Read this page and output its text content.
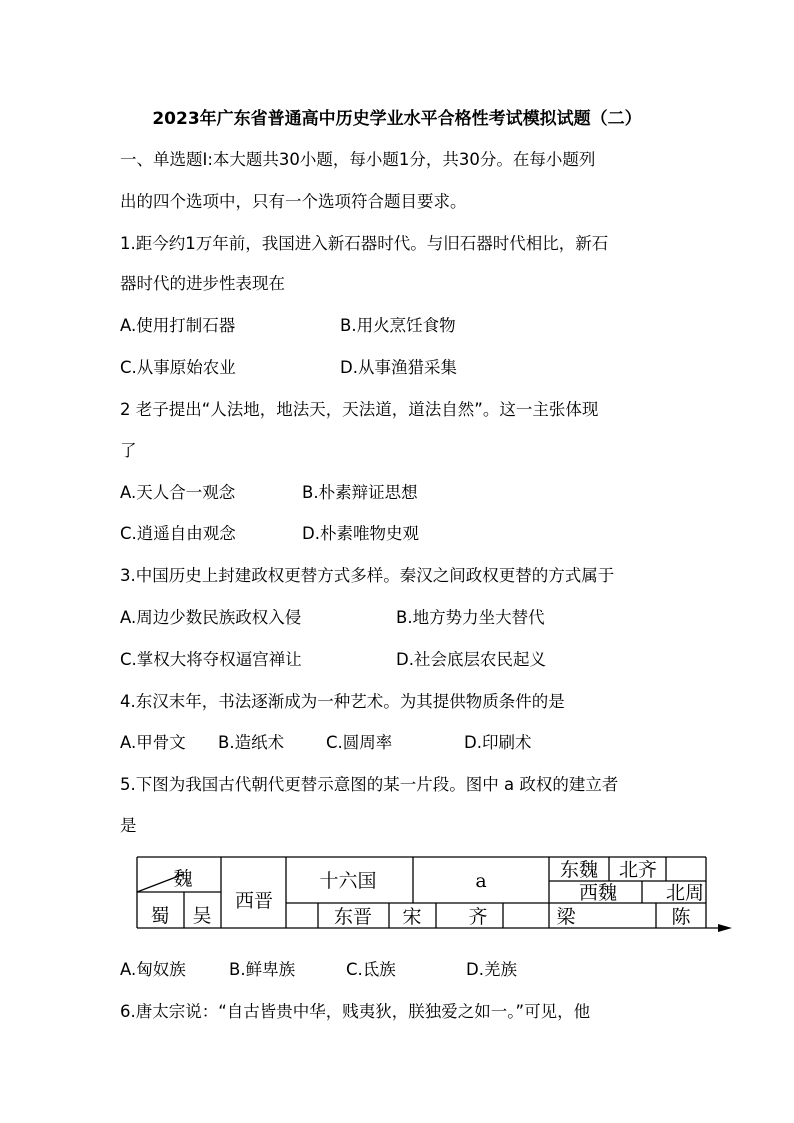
2023年广东省普通高中历史学业水平合格性考试模拟试题（二）
一、单选题I:本大题共30小题，每小题1分，共30分。在每小题列
出的四个选项中，只有一个选项符合题目要求。
1.距今约1万年前，我国进入新石器时代。与旧石器时代相比，新石
器时代的进步性表现在
A.使用打制石器	B.用火烹饪食物
C.从事原始农业	D.从事渔猎采集
2 老子提出“人法地，地法天，天法道，道法自然”。这一主张体现
了
A.天人合一观念	B.朴素辩证思想
C.逍遥自由观念	D.朴素唯物史观
3.中国历史上封建政权更替方式多样。秦汉之间政权更替的方式属于
A.周边少数民族政权入侵	B.地方势力坐大替代
C.掌权大将夺权逼宫禅让	D.社会底层农民起义
4.东汉末年，书法逐渐成为一种艺术。为其提供物质条件的是
A.甲骨文 B.造纸术	C.圆周率	D.印刷术
5.下图为我国古代朝代更替示意图的某一片段。图中 a 政权的建立者
是
魏
蜀 吴
西晋
十六国	a	东魏 北齐
西魏	北周
东晋 宋 齐	梁	陈
A.匈奴族	B.鲜卑族	C.氐族	D.羌族
6.唐太宗说：“自古皆贵中华，贱夷狄，朕独爱之如一。”可见，他
